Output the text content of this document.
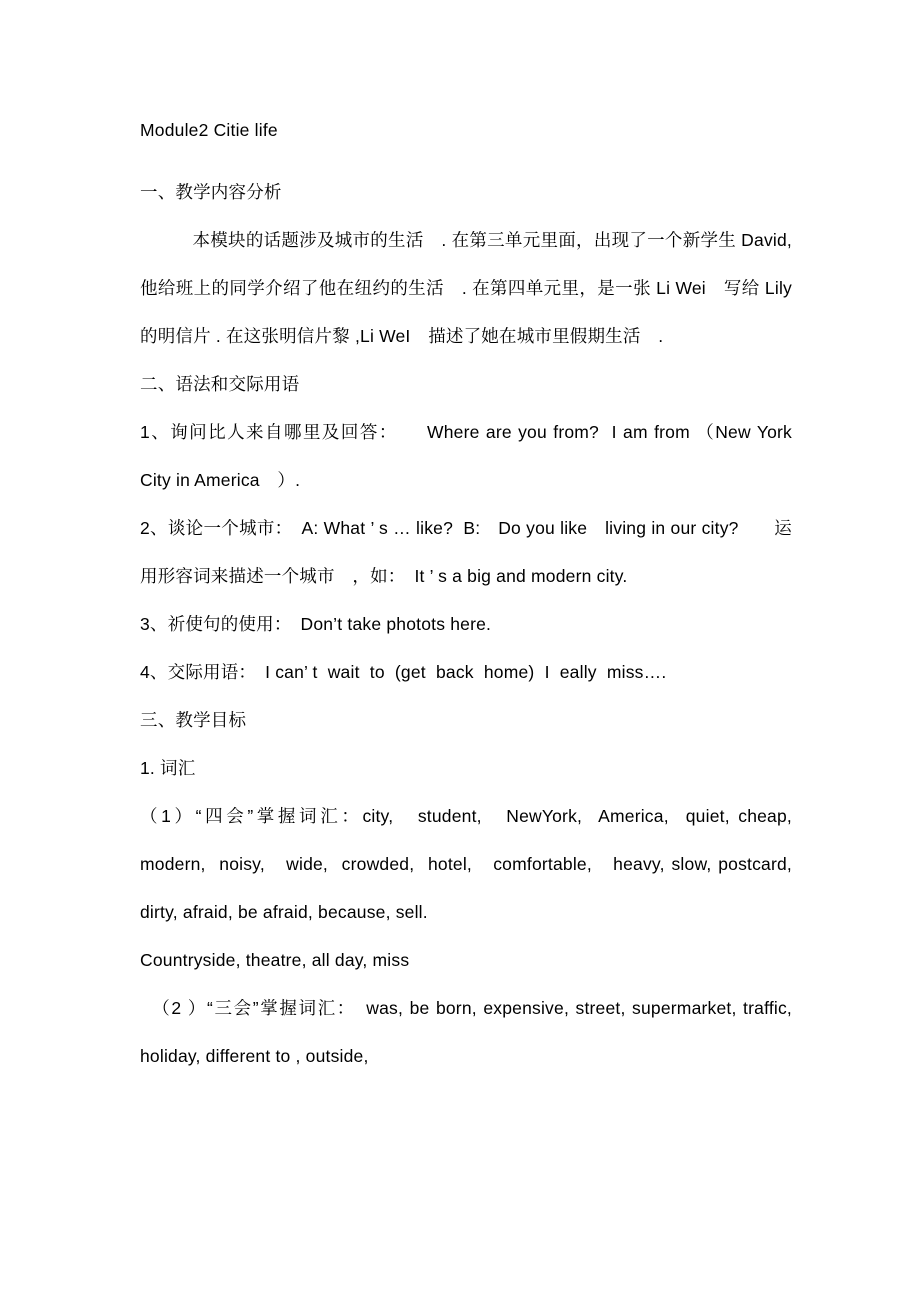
Module2 Citie life

一、教学内容分析

本模块的话题涉及城市的生活　. 在第三单元里面，出现了一个新学生 David, 他给班上的同学介绍了他在纽约的生活　. 在第四单元里，是一张 Li Wei　写给 Lily　的明信片 . 在这张明信片黎 ,Li WeI　描述了她在城市里假期生活　.

二、语法和交际用语

1、询问比人来自哪里及回答：　　Where are you from?  I am from （New York City in America　）.

2、谈论一个城市：　A: What ’ s … like?  B:　Do you like　living in our city?　　运用形容词来描述一个城市　，如：　It ’ s a big and modern city.

3、祈使句的使用：　Don’t take photots here.

4、交际用语：　I can’ t  wait  to  (get  back  home)  I  eally  miss….

三、教学目标

1. 词汇

（1）“四会”掌握词汇：city,　student,　NewYork,  America,  quiet, cheap,  modern,  noisy,　wide,  crowded,  hotel,　comfortable,　heavy, slow, postcard, dirty, afraid, be afraid, because, sell.

Countryside, theatre, all day, miss

（2 ）“三会”掌握词汇：　was, be born, expensive, street, supermarket, traffic, holiday, different to , outside,
